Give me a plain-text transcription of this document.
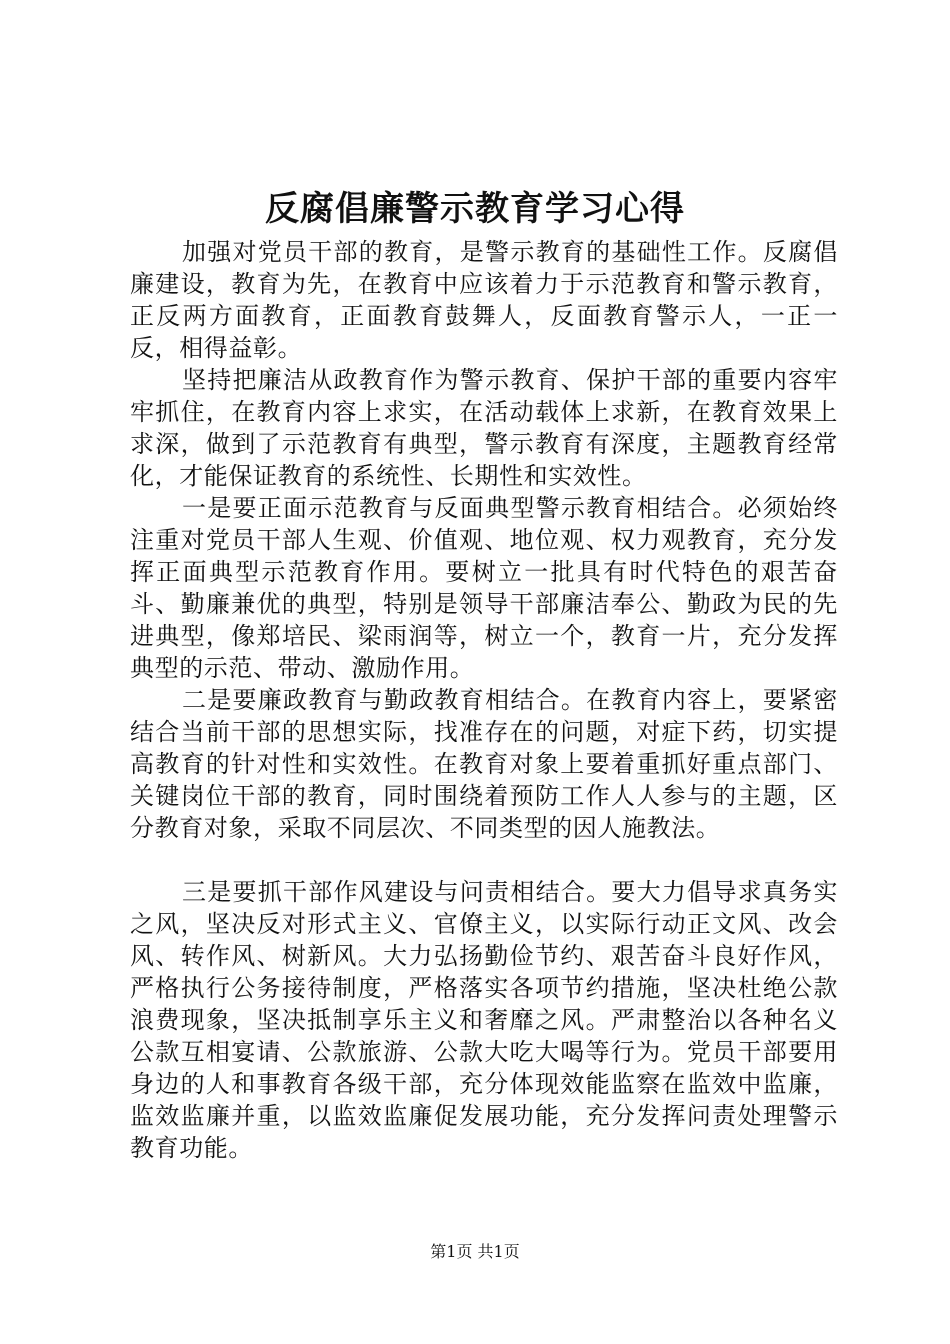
反腐倡廉警示教育学习心得

加强对党员干部的教育，是警示教育的基础性工作。反腐倡廉建设，教育为先，在教育中应该着力于示范教育和警示教育，正反两方面教育，正面教育鼓舞人，反面教育警示人，一正一反，相得益彰。

坚持把廉洁从政教育作为警示教育、保护干部的重要内容牢牢抓住，在教育内容上求实，在活动载体上求新，在教育效果上求深，做到了示范教育有典型，警示教育有深度，主题教育经常化，才能保证教育的系统性、长期性和实效性。

一是要正面示范教育与反面典型警示教育相结合。必须始终注重对党员干部人生观、价值观、地位观、权力观教育，充分发挥正面典型示范教育作用。要树立一批具有时代特色的艰苦奋斗、勤廉兼优的典型，特别是领导干部廉洁奉公、勤政为民的先进典型，像郑培民、梁雨润等，树立一个，教育一片，充分发挥典型的示范、带动、激励作用。

二是要廉政教育与勤政教育相结合。在教育内容上，要紧密结合当前干部的思想实际，找准存在的问题，对症下药，切实提高教育的针对性和实效性。在教育对象上要着重抓好重点部门、关键岗位干部的教育，同时围绕着预防工作人人参与的主题，区分教育对象，采取不同层次、不同类型的因人施教法。

三是要抓干部作风建设与问责相结合。要大力倡导求真务实之风，坚决反对形式主义、官僚主义，以实际行动正文风、改会风、转作风、树新风。大力弘扬勤俭节约、艰苦奋斗良好作风，严格执行公务接待制度，严格落实各项节约措施，坚决杜绝公款浪费现象，坚决抵制享乐主义和奢靡之风。严肃整治以各种名义公款互相宴请、公款旅游、公款大吃大喝等行为。党员干部要用身边的人和事教育各级干部，充分体现效能监察在监效中监廉，监效监廉并重，以监效监廉促发展功能，充分发挥问责处理警示教育功能。

第1页 共1页
